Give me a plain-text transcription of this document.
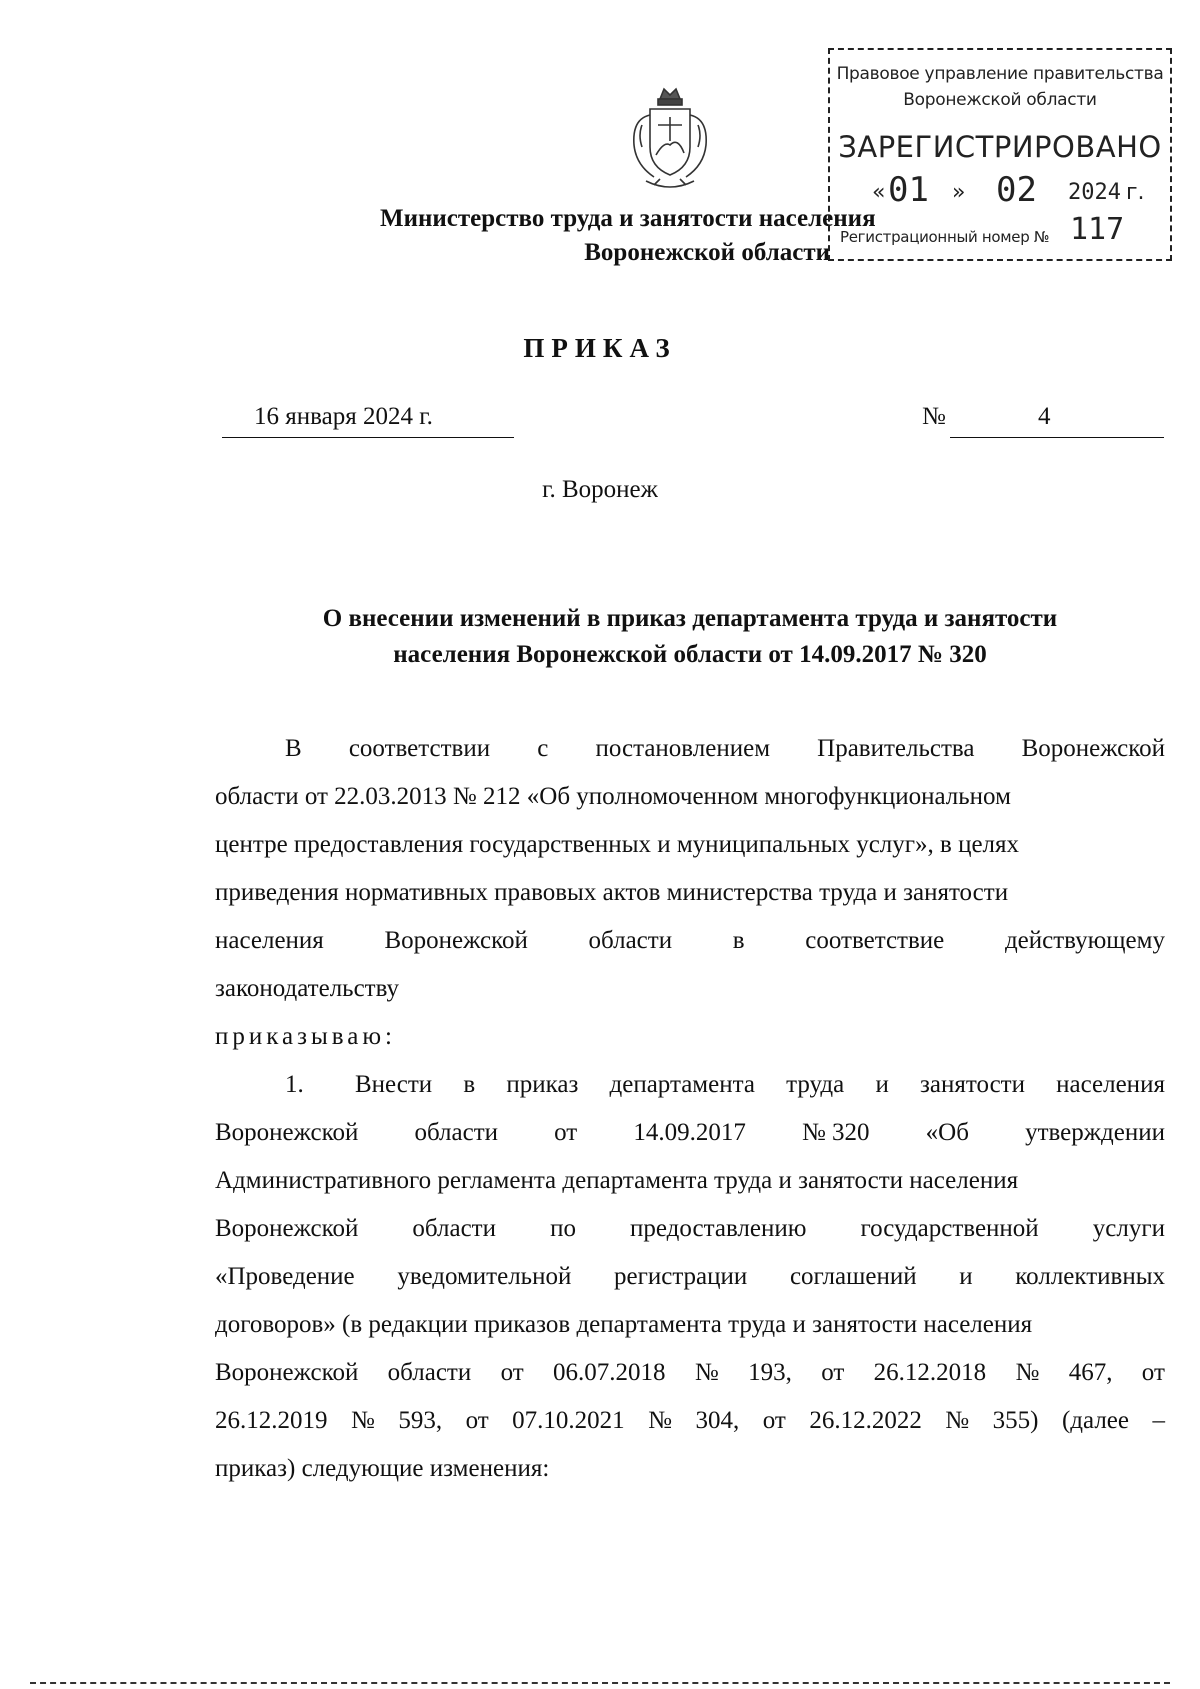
Министерство труда и занятости населения
Воронежской области
Правовое управление правительства
Воронежской области
ЗАРЕГИСТРИРОВАНО
« 01 » 02 2024 г.
Регистрационный номер № 117
ПРИКАЗ
16 января 2024 г.	№	4
г. Воронеж
О внесении изменений в приказ департамента труда и занятости
населения Воронежской области от 14.09.2017 № 320
В соответствии с постановлением Правительства Воронежской
области от 22.03.2013 № 212 «Об уполномоченном многофункциональном
центре предоставления государственных и муниципальных услуг», в целях
приведения нормативных правовых актов министерства труда и занятости
населения Воронежской области в соответствие действующему
законодательству
приказываю:
1. Внести в приказ департамента труда и занятости населения
Воронежской области от 14.09.2017 № 320 «Об утверждении
Административного регламента департамента труда и занятости населения
Воронежской области по предоставлению государственной услуги
«Проведение уведомительной регистрации соглашений и коллективных
договоров» (в редакции приказов департамента труда и занятости населения
Воронежской области от 06.07.2018 № 193, от 26.12.2018 № 467, от
26.12.2019 № 593, от 07.10.2021 № 304, от 26.12.2022 № 355) (далее –
приказ) следующие изменения:
